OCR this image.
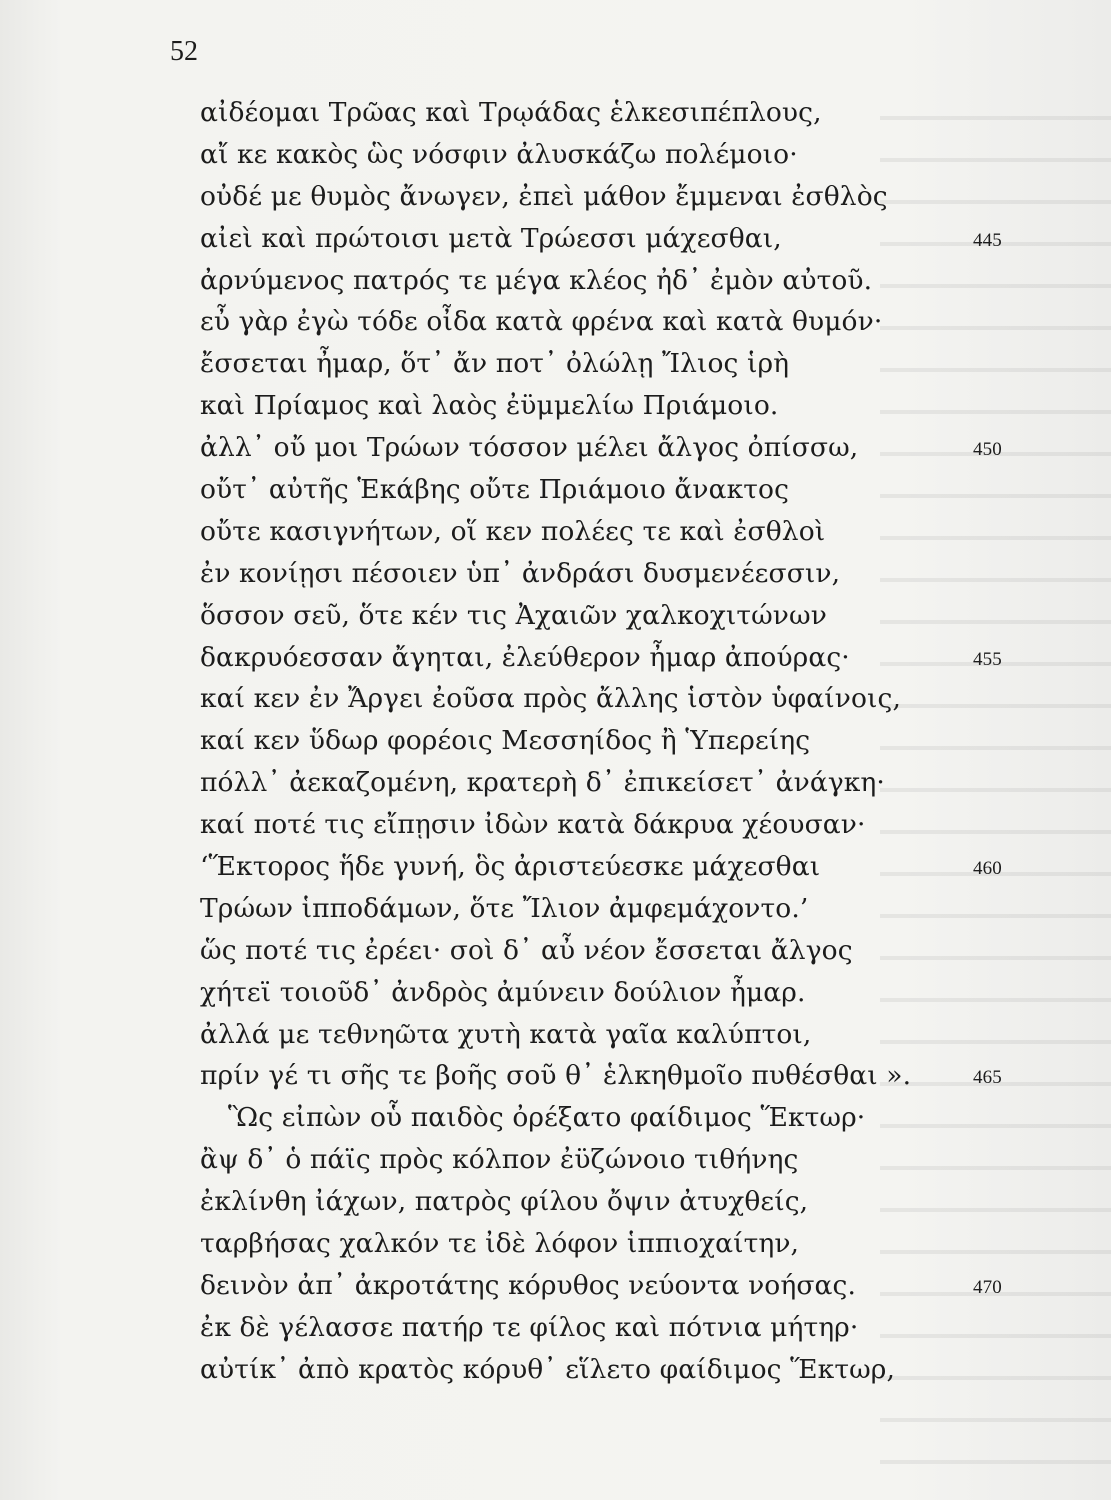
52
αἰδέομαι Τρῶας καὶ Τρῳάδας ἑλκεσιπέπλους,
αἴ κε κακὸς ὣς νόσφιν ἀλυσκάζω πολέμοιο·
οὐδέ με θυμὸς ἄνωγεν, ἐπεὶ μάθον ἔμμεναι ἐσθλὸς
αἰεὶ καὶ πρώτοισι μετὰ Τρώεσσι μάχεσθαι,	445
ἀρνύμενος πατρός τε μέγα κλέος ἠδ᾽ ἐμὸν αὐτοῦ.
εὖ γὰρ ἐγὼ τόδε οἶδα κατὰ φρένα καὶ κατὰ θυμόν·
ἔσσεται ἦμαρ, ὅτ᾽ ἄν ποτ᾽ ὀλώλῃ Ἴλιος ἱρὴ
καὶ Πρίαμος καὶ λαὸς ἐϋμμελίω Πριάμοιο.
ἀλλ᾽ οὔ μοι Τρώων τόσσον μέλει ἄλγος ὀπίσσω,	450
οὔτ᾽ αὐτῆς Ἑκάβης οὔτε Πριάμοιο ἄνακτος
οὔτε κασιγνήτων, οἵ κεν πολέες τε καὶ ἐσθλοὶ
ἐν κονίῃσι πέσοιεν ὑπ᾽ ἀνδράσι δυσμενέεσσιν,
ὅσσον σεῦ, ὅτε κέν τις Ἀχαιῶν χαλκοχιτώνων
δακρυόεσσαν ἄγηται, ἐλεύθερον ἦμαρ ἀπούρας·	455
καί κεν ἐν Ἄργει ἐοῦσα πρὸς ἄλλης ἱστὸν ὑφαίνοις,
καί κεν ὕδωρ φορέοις Μεσσηίδος ἢ Ὑπερείης
πόλλ᾽ ἀεκαζομένη, κρατερὴ δ᾽ ἐπικείσετ᾽ ἀνάγκη·
καί ποτέ τις εἴπῃσιν ἰδὼν κατὰ δάκρυα χέουσαν·
‘Ἕκτορος ἥδε γυνή, ὃς ἀριστεύεσκε μάχεσθαι	460
Τρώων ἱπποδάμων, ὅτε Ἴλιον ἀμφεμάχοντο.’
ὥς ποτέ τις ἐρέει· σοὶ δ᾽ αὖ νέον ἔσσεται ἄλγος
χήτεϊ τοιοῦδ᾽ ἀνδρὸς ἀμύνειν δούλιον ἦμαρ.
ἀλλά με τεθνηῶτα χυτὴ κατὰ γαῖα καλύπτοι,
πρίν γέ τι σῆς τε βοῆς σοῦ θ᾽ ἑλκηθμοῖο πυθέσθαι ».	465
Ὣς εἰπὼν οὗ παιδὸς ὀρέξατο φαίδιμος Ἕκτωρ·
ἂψ δ᾽ ὁ πάϊς πρὸς κόλπον ἐϋζώνοιο τιθήνης
ἐκλίνθη ἰάχων, πατρὸς φίλου ὄψιν ἀτυχθείς,
ταρβήσας χαλκόν τε ἰδὲ λόφον ἱππιοχαίτην,
δεινὸν ἀπ᾽ ἀκροτάτης κόρυθος νεύοντα νοήσας.	470
ἐκ δὲ γέλασσε πατήρ τε φίλος καὶ πότνια μήτηρ·
αὐτίκ᾽ ἀπὸ κρατὸς κόρυθ᾽ εἵλετο φαίδιμος Ἕκτωρ,
